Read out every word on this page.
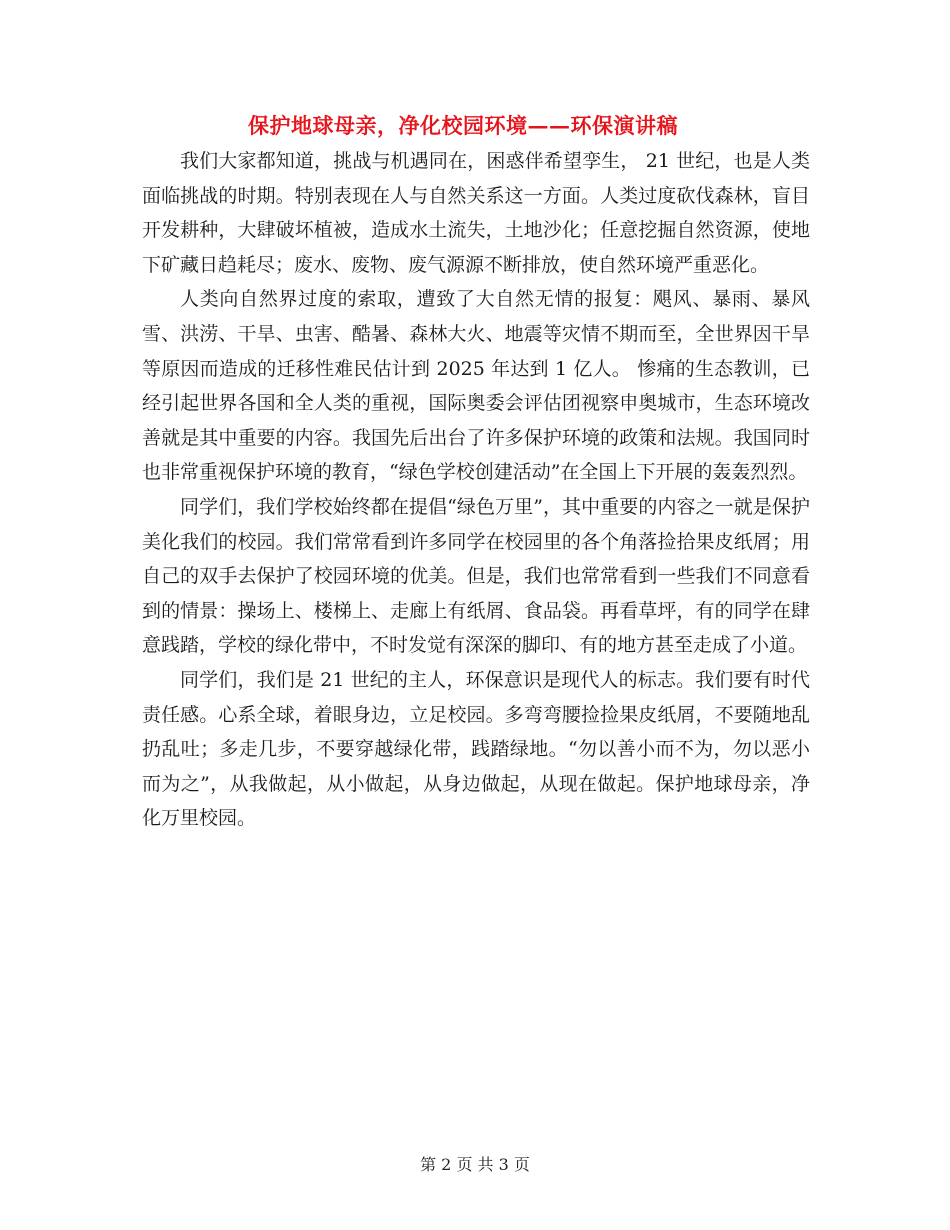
保护地球母亲，净化校园环境——环保演讲稿

我们大家都知道，挑战与机遇同在，困惑伴希望孪生， 21 世纪，也是人类面临挑战的时期。特别表现在人与自然关系这一方面。人类过度砍伐森林，盲目开发耕种，大肆破坏植被，造成水土流失，土地沙化；任意挖掘自然资源，使地下矿藏日趋耗尽；废水、废物、废气源源不断排放，使自然环境严重恶化。

人类向自然界过度的索取，遭致了大自然无情的报复：飓风、暴雨、暴风雪、洪涝、干旱、虫害、酷暑、森林大火、地震等灾情不期而至，全世界因干旱等原因而造成的迁移性难民估计到 2025 年达到 1 亿人。 惨痛的生态教训，已经引起世界各国和全人类的重视，国际奥委会评估团视察申奥城市，生态环境改善就是其中重要的内容。我国先后出台了许多保护环境的政策和法规。我国同时也非常重视保护环境的教育，“绿色学校创建活动”在全国上下开展的轰轰烈烈。

同学们，我们学校始终都在提倡“绿色万里”，其中重要的内容之一就是保护美化我们的校园。我们常常看到许多同学在校园里的各个角落捡拾果皮纸屑；用自己的双手去保护了校园环境的优美。但是，我们也常常看到一些我们不同意看到的情景：操场上、楼梯上、走廊上有纸屑、食品袋。再看草坪，有的同学在肆意践踏，学校的绿化带中，不时发觉有深深的脚印、有的地方甚至走成了小道。

同学们，我们是 21 世纪的主人，环保意识是现代人的标志。我们要有时代责任感。心系全球，着眼身边，立足校园。多弯弯腰捡捡果皮纸屑，不要随地乱扔乱吐；多走几步，不要穿越绿化带，践踏绿地。“勿以善小而不为，勿以恶小而为之”，从我做起，从小做起，从身边做起，从现在做起。保护地球母亲，净化万里校园。

第 2 页 共 3 页
